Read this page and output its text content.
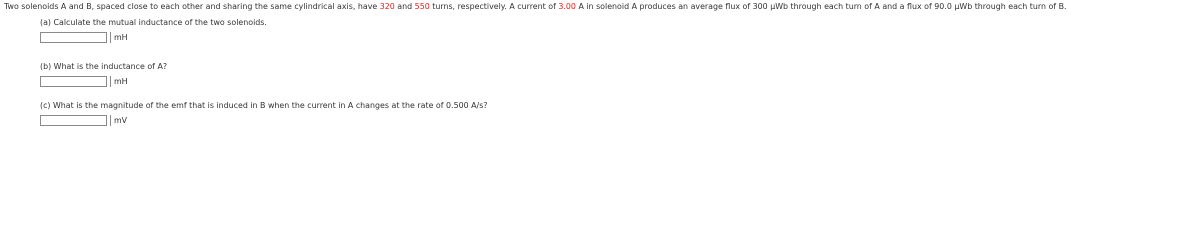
Two solenoids A and B, spaced close to each other and sharing the same cylindrical axis, have 320 and 550 turns, respectively. A current of 3.00 A in solenoid A produces an average flux of 300 µWb through each turn of A and a flux of 90.0 µWb through each turn of B.
(a) Calculate the mutual inductance of the two solenoids.
mH
(b) What is the inductance of A?
mH
(c) What is the magnitude of the emf that is induced in B when the current in A changes at the rate of 0.500 A/s?
mV
